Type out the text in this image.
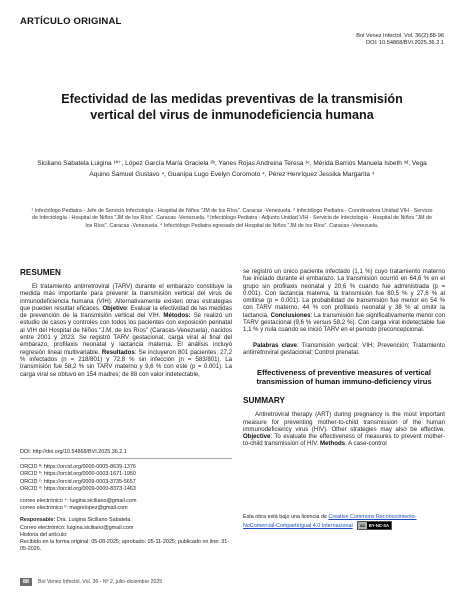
ARTÍCULO ORIGINAL
Bol Venez Infectol. Vol. 36(2):88-96
DOI: 10.54868/BVI.2025.36.2.1
Efectividad de las medidas preventivas de la transmisión vertical del virus de inmunodeficiencia humana
Siciliano Sabatela Luigina ¹ª⁺, López García María Graciela ²ᵇ, Yanes Rojas Andreina Teresa ³ᶜ, Mérida Barrios Manuela Isbeth ³ᵈ, Vega Aquino Samuel Gustavo ⁴, Guanipa Lugo Evelyn Coromoto ⁴, Pérez Henríquez Jessika Margarita ⁴
¹ Infectólogo Pediatra - Jefe de Servicio Infectología - Hospital de Niños "JM de los Ríos". Caracas -Venezuela. ² Infectólogo Pediatra - Coordinadora Unidad VIH - Servicio de Infectología - Hospital de Niños "JM de los Ríos". Caracas -Venezuela. ³ Infectólogo Pediatra - Adjunto Unidad VIH - Servicio de Infectología - Hospital de Niños "JM de los Ríos". Caracas -Venezuela. ⁴ Infectólogo Pediatra egresado del Hospital de Niños "JM de los Ríos". Caracas -Venezuela.
RESUMEN

El tratamiento antirretroviral (TARV) durante el embarazo constituye la medida más importante para prevenir la transmisión vertical del virus de inmunodeficiencia humana (VIH). Alternativamente existen otras estrategias que pueden resultar eficaces. Objetivo: Evaluar la efectividad de las medidas de prevención de la transmisión vertical del VIH. Métodos: Se realizó un estudio de casos y controles con todos los pacientes con exposición perinatal al VIH del Hospital de Niños "J.M. de los Ríos" (Caracas-Venezuela), nacidos entre 2001 y 2023. Se registró TARV gestacional, carga viral al final del embarazo, profilaxis neonatal y lactancia materna. El análisis incluyó regresión lineal multivariable. Resultados: Se incluyeron 801 pacientes; 27,2 % infectados (n = 218/801) y 72,8 % sin infección (n = 583/801). La transmisión fue 58,2 % sin TARV materno y 9,6 % con este (p = 0.001). La carga viral se obtuvo en 154 madres; de 88 con valor indetectable,

DOI: http://doi.org/10.54868/BVI.2025.36.2.1
ORCID ª: https://orcid.org/0000-0005-8639-1376
ORCID ᵇ: https://orcid.org/0000-0003-1671-1950
ORCID ᶜ: https://orcid.org/0009-0003-3735-5657
ORCID ᵈ: https://orcid.org/0009-0000-8373-1463
correo electrónico ⁺: luigina.siciliano@gmail.com
correo electrónico ᵇ: magrelopez@gmail.com
Responsable: Dra. Luigina Siciliano Sabatela.
Correo electrónico: luigina.siciliano@gmail.com
Historia del artículo:
Recibido en la forma original: 05-08-2025; aprobado: 05-11-2025; publicado on line: 31-05-2026.

se registró un único paciente infectado (1,1 %) cuyo tratamiento materno fue iniciado durante el embarazo. La transmisión ocurrió en 64,6 % en el grupo sin profilaxis neonatal y 20,6 % cuando fue administrada (p = 0.001). Con lactancia materna, la transmisión fue 80,5 % y 27,6 % al omitirse (p = 0.001). La probabilidad de transmisión fue menor en 54 % con TARV materno, 44 % con profilaxis neonatal y 38 % al omitir la lactancia. Conclusiones: La transmisión fue significativamente menor con TARV gestacional (9,6 % versus 58,2 %). Con carga viral indetectable fue 1,1 % y nula cuando se inició TARV en el período preconcepcional.

Palabras clave: Transmisión vertical; VIH; Prevención; Tratamiento antirretroviral gestacional; Control prenatal.

Effectiveness of preventive measures of vertical transmission of human immuno-deficiency virus
SUMMARY

Antiretroviral therapy (ART) during pregnancy is the most important measure for preventing mother-to-child transmission of the human immunodeficiency virus (HIV). Other strategies may also be effective. Objective: To evaluate the effectiveness of measures to prevent mother-to-child transmission of HIV. Methods. A case-control

Esta obra está bajo una licencia de Creative Commons Reconocimiento-NoComercial-CompartirIgual 4.0 Internacional	cc BY-NC-SA
88	Bol Venez Infectol. Vol. 36 - Nº 2, julio-diciembre 2025
